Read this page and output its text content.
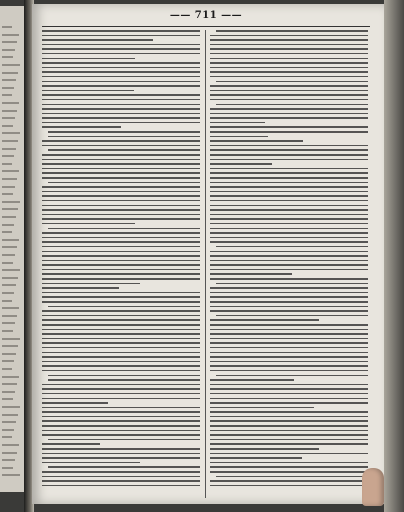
—— 711 ——
